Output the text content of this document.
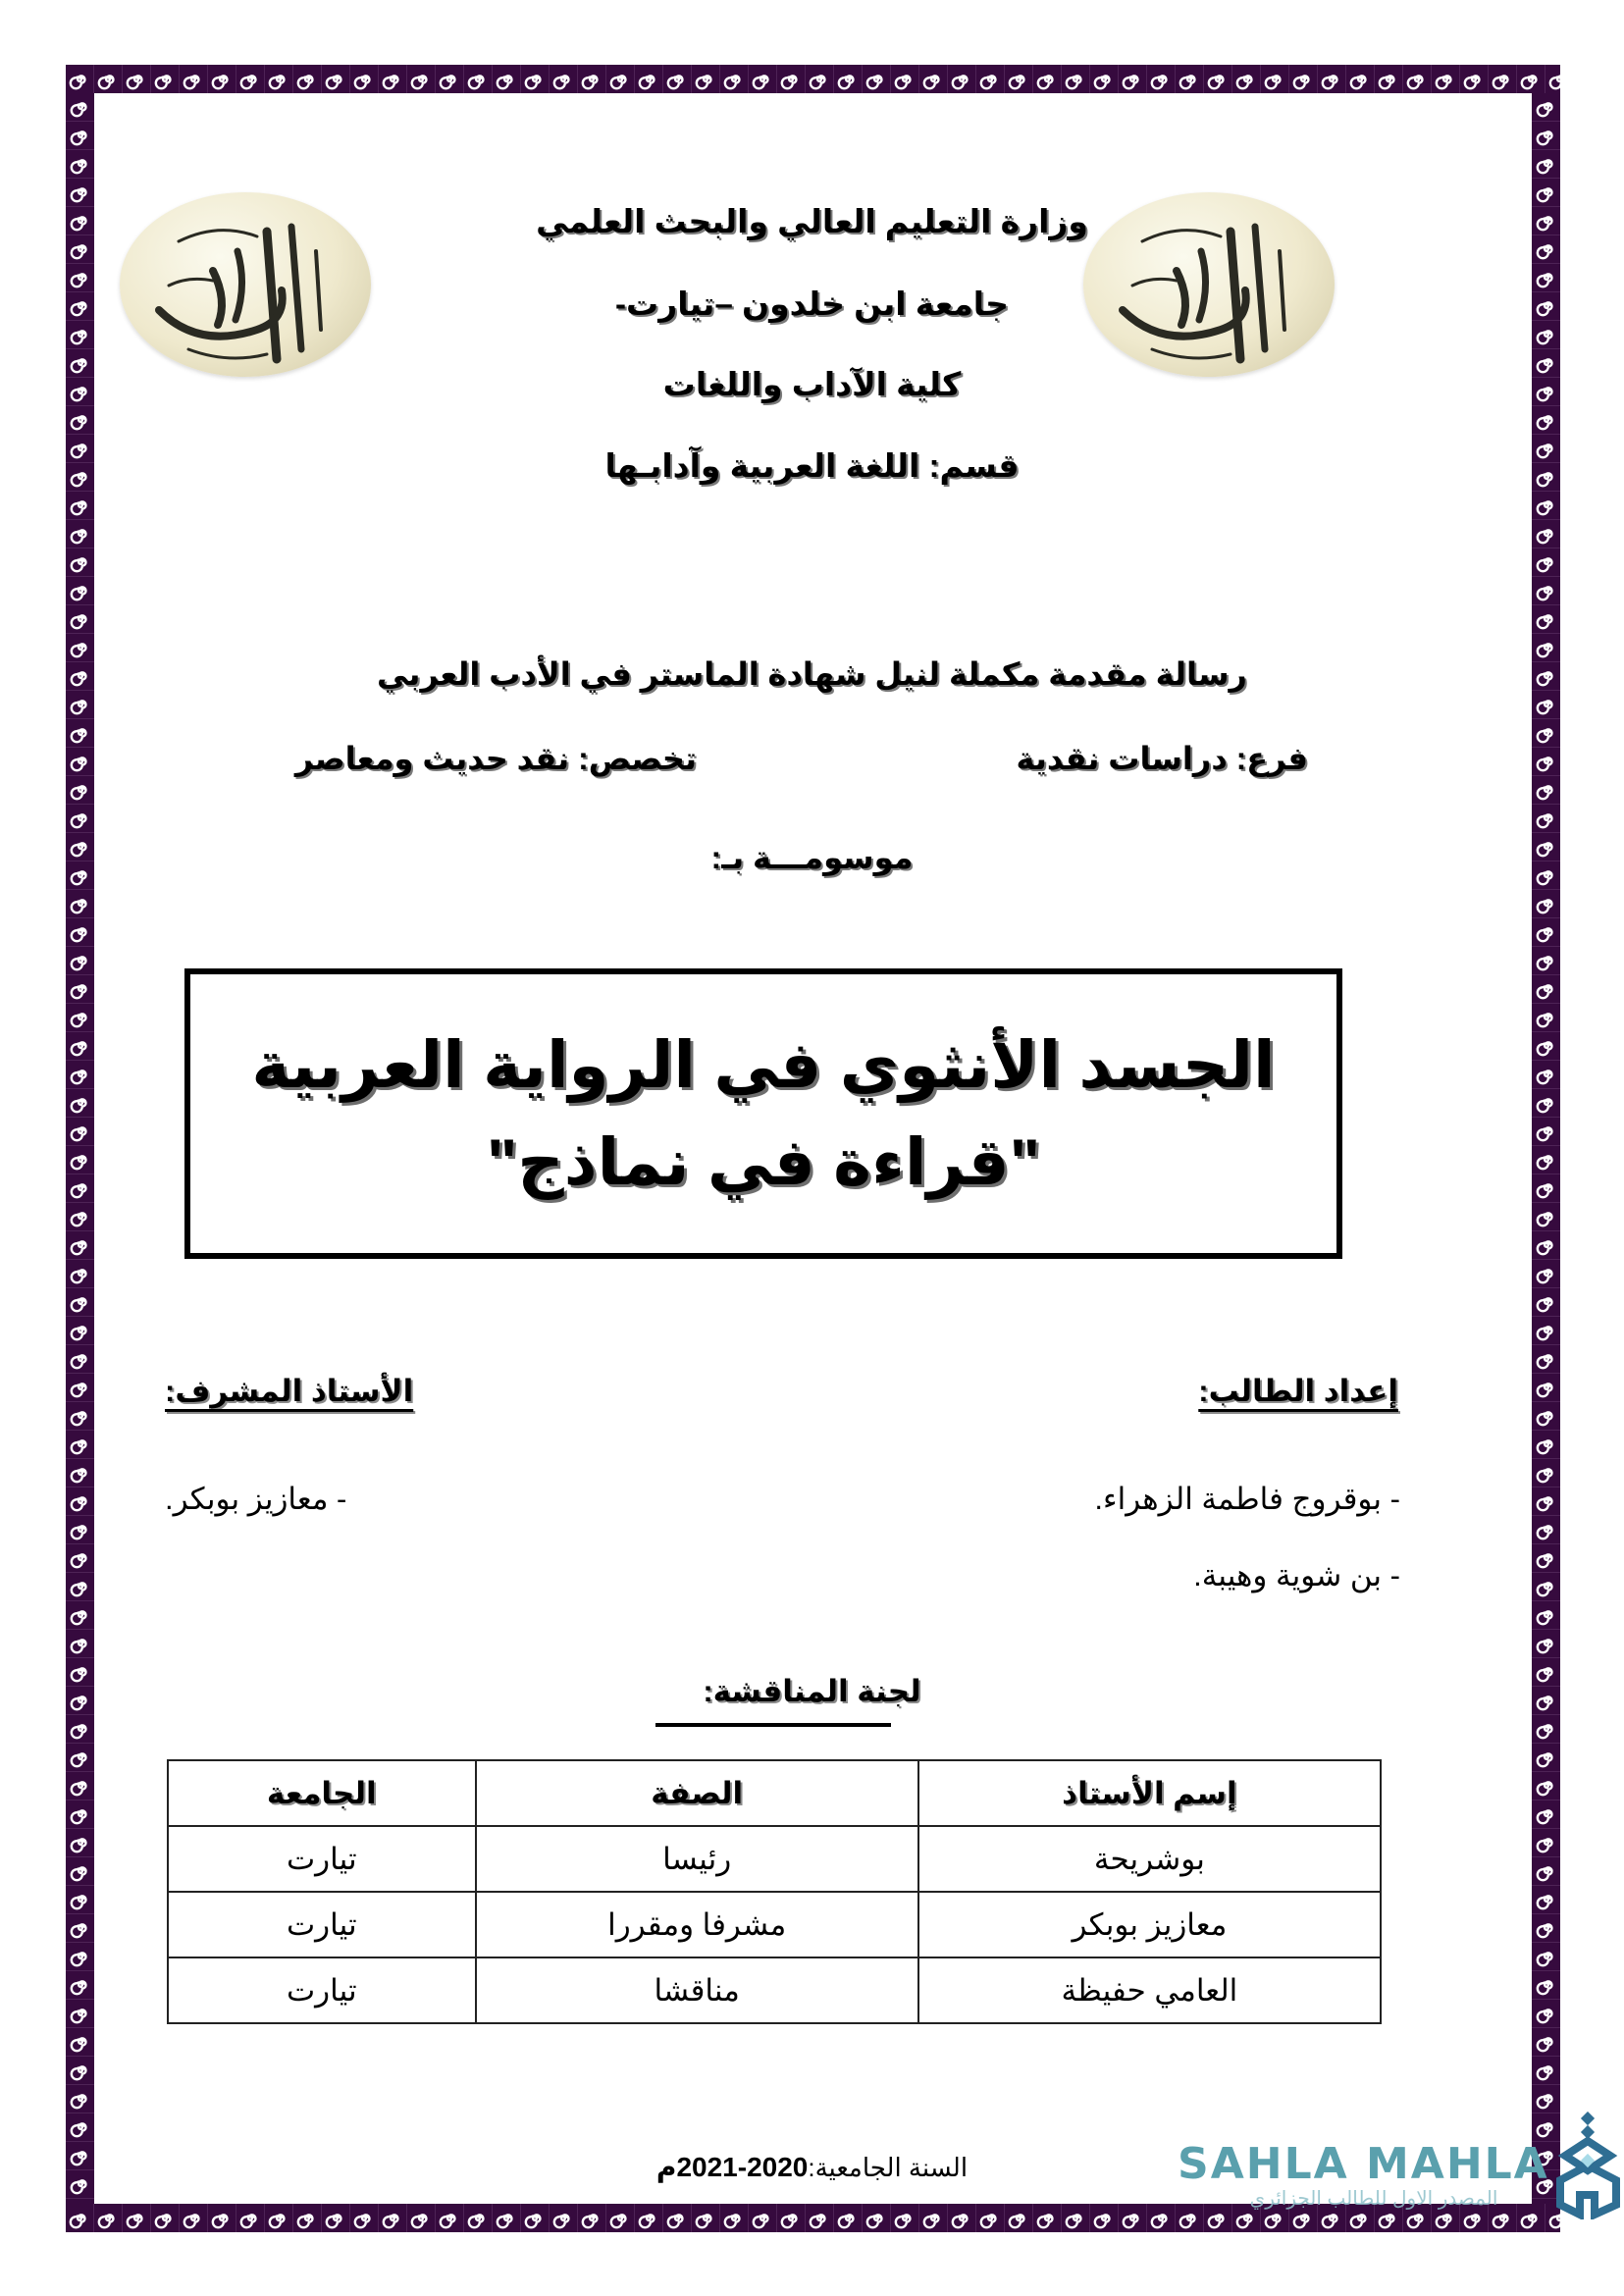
وزارة التعليم العالي والبحث العلمي
جامعة ابن خلدون –تيارت-
كلية الآداب واللغات
قسم: اللغة العربية وآدابـها
رسالة مقدمة مكملة لنيل شهادة الماستر في الأدب العربي
فرع: دراسات نقدية
تخصص: نقد حديث ومعاصر
موسومـــة بـ:
الجسد الأنثوي في الرواية العربية
"قراءة في نماذج"
إعداد الطالب:
الأستاذ المشرف:
- بوقروج فاطمة الزهراء.
- بن شوية وهيبة.
- معازيز بوبكر.
لجنة المناقشة:
إسم الأستاذ	الصفة	الجامعة
بوشريحة	رئيسا	تيارت
معازيز بوبكر	مشرفا ومقررا	تيارت
العامي حفيظة	مناقشا	تيارت
السنة الجامعية:2020-2021م	SAHLA MAHLA
المصدر الاول للطالب الجزائري
